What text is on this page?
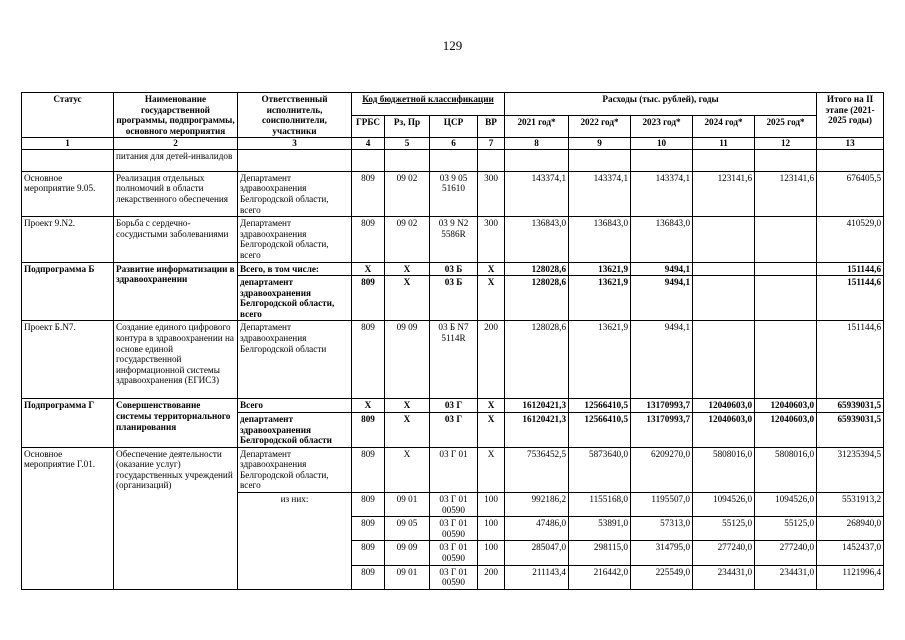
129
Статус	Наименование государственной программы, подпрограммы, основного мероприятия	Ответственный исполнитель, соисполнители, участники	Код бюджетной классификации				Расходы (тыс. рублей), годы					Итого на II этапе (2021-2025 годы)
			ГРБС	Рз, Пр	ЦСР	ВР	2021 год*	2022 год*	2023 год*	2024 год*	2025 год*	
1	2	3	4	5	6	7	8	9	10	11	12	13
	питания для детей-инвалидов											
Основное мероприятие 9.05.	Реализация отдельных полномочий в области лекарственного обеспечения	Департамент здравоохранения Белгородской области, всего	809	09 02	03 9 05 51610	300	143374,1	143374,1	143374,1	123141,6	123141,6	676405,5
Проект 9.N2.	Борьба с сердечно-сосудистыми заболеваниями	Департамент здравоохранения Белгородской области, всего	809	09 02	03 9 N2 5586R	300	136843,0	136843,0	136843,0			410529,0
Подпрограмма Б	Развитие информатизации в здравоохранении	Всего, в том числе:	Х	Х	03 Б	Х	128028,6	13621,9	9494,1			151144,6
		департамент здравоохранения Белгородской области, всего	809	Х	03 Б	Х	128028,6	13621,9	9494,1			151144,6
Проект Б.N7.	Создание единого цифрового контура в здравоохранении на основе единой государственной информационной системы здравоохранения (ЕГИСЗ)	Департамент здравоохранения Белгородской области	809	09 09	03 Б N7 5114R	200	128028,6	13621,9	9494,1			151144,6
Подпрограмма Г	Совершенствование системы территориального планирования	Всего	Х	Х	03 Г	Х	16120421,3	12566410,5	13170993,7	12040603,0	12040603,0	65939031,5
		департамент здравоохранения Белгородской области	809	Х	03 Г	Х	16120421,3	12566410,5	13170993,7	12040603,0	12040603,0	65939031,5
Основное мероприятие Г.01.	Обеспечение деятельности (оказание услуг) государственных учреждений (организаций)	Департамент здравоохранения Белгородской области, всего	809	Х	03 Г 01	Х	7536452,5	5873640,0	6209270,0	5808016,0	5808016,0	31235394,5
		из них:	809	09 01	03 Г 01 00590	100	992186,2	1155168,0	1195507,0	1094526,0	1094526,0	5531913,2
			809	09 05	03 Г 01 00590	100	47486,0	53891,0	57313,0	55125,0	55125,0	268940,0
			809	09 09	03 Г 01 00590	100	285047,0	298115,0	314795,0	277240,0	277240,0	1452437,0
			809	09 01	03 Г 01 00590	200	211143,4	216442,0	225549,0	234431,0	234431,0	1121996,4
